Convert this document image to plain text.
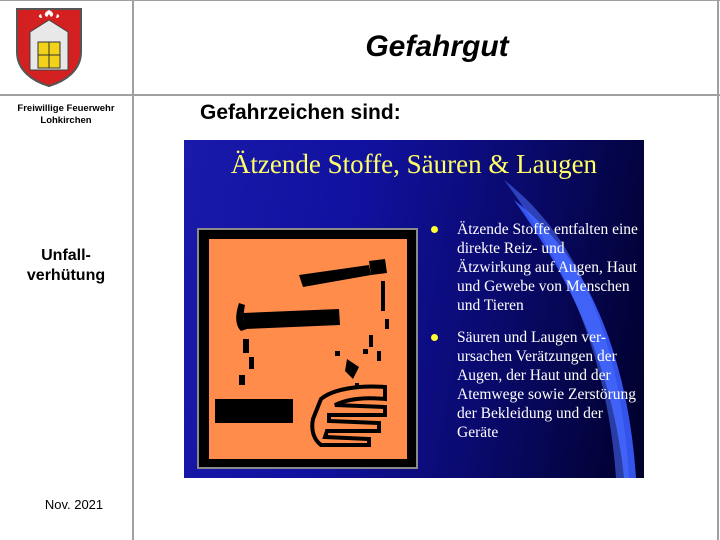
Gefahrgut
Freiwillige Feuerwehr
Lohkirchen
Unfall-
verhütung
Nov. 2021
Gefahrzeichen sind:
Ätzende Stoffe, Säuren & Laugen
Ätzende Stoffe entfalten eine direkte Reiz- und Ätzwirkung auf Augen, Haut und Gewebe von Menschen und Tieren
Säuren und Laugen ver-ursachen Verätzungen der Augen, der Haut und der Atemwege sowie Zerstörung der Bekleidung und der Geräte
